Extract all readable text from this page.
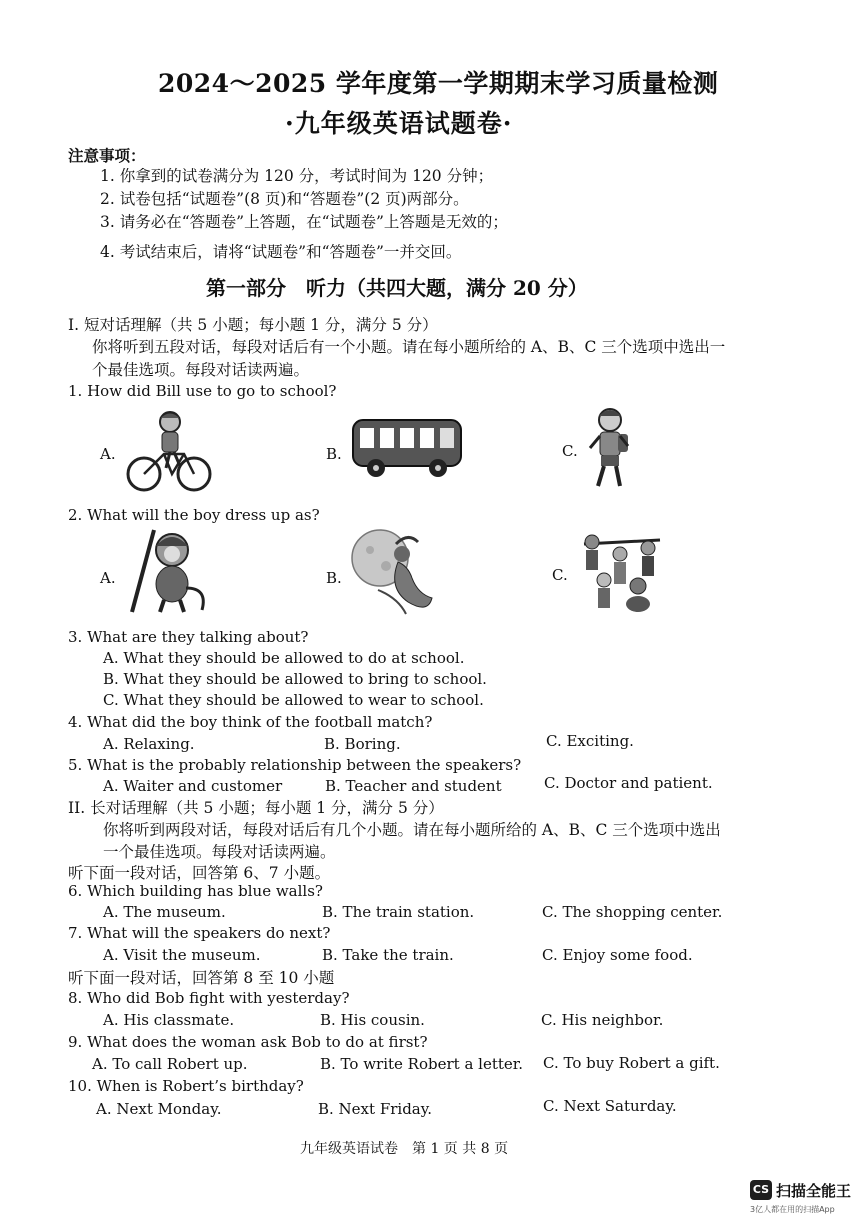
2024～2025 学年度第一学期期末学习质量检测
·九年级英语试题卷·
注意事项：
1. 你拿到的试卷满分为 120 分，考试时间为 120 分钟；
2. 试卷包括“试题卷”(8 页)和“答题卷”(2 页)两部分。
3. 请务必在“答题卷”上答题，在“试题卷”上答题是无效的；
4. 考试结束后，请将“试题卷”和“答题卷”一并交回。
第一部分　听力（共四大题，满分 20 分）
I. 短对话理解（共 5 小题；每小题 1 分，满分 5 分）
你将听到五段对话，每段对话后有一个小题。请在每小题所给的 A、B、C 三个选项中选出一
个最佳选项。每段对话读两遍。
1. How did Bill use to go to school?
A.	B.	C.
2. What will the boy dress up as?
A.	B.	C.
3. What are they talking about?
A. What they should be allowed to do at school.
B. What they should be allowed to bring to school.
C. What they should be allowed to wear to school.
4. What did the boy think of the football match?
A. Relaxing.	B. Boring.	C. Exciting.
5. What is the probably relationship between the speakers?
A. Waiter and customer	B. Teacher and student	C. Doctor and patient.
II. 长对话理解（共 5 小题；每小题 1 分，满分 5 分）
你将听到两段对话，每段对话后有几个小题。请在每小题所给的 A、B、C 三个选项中选出
一个最佳选项。每段对话读两遍。
听下面一段对话，回答第 6、7 小题。
6. Which building has blue walls?
A. The museum.	B. The train station.	C. The shopping center.
7. What will the speakers do next?
A. Visit the museum.	B. Take the train.	C. Enjoy some food.
听下面一段对话，回答第 8 至 10 小题
8. Who did Bob fight with yesterday?
A. His classmate.	B. His cousin.	C. His neighbor.
9. What does the woman ask Bob to do at first?
A. To call Robert up.	B. To write Robert a letter. C. To buy Robert a gift.
10. When is Robert’s birthday?
A. Next Monday.	B. Next Friday.	C. Next Saturday.
九年级英语试卷　第 1 页 共 8 页
CS 扫描全能王
3亿人都在用的扫描App
